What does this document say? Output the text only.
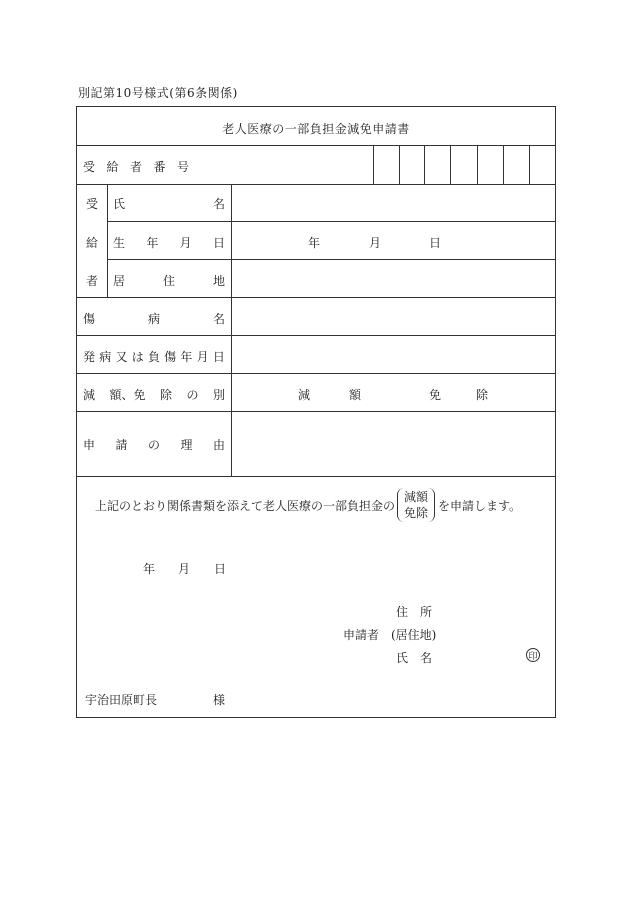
別記第10号様式(第6条関係)
老人医療の一部負担金減免申請書
受 給 者 番 号
受
給
者
氏	名
生 年 月 日	年	月	日
居	住	地
傷	病	名
発 病 又 は 負 傷 年 月 日
減 額、免 除 の 別	減	額	免	除
申 請 の 理 由
上記のとおり関係書類を添えて老人医療の一部負担金の
減額
免除 を申請します。
年 月 日
住　所
申請者 (居住地)
氏　名	印
宇治田原町長	様
